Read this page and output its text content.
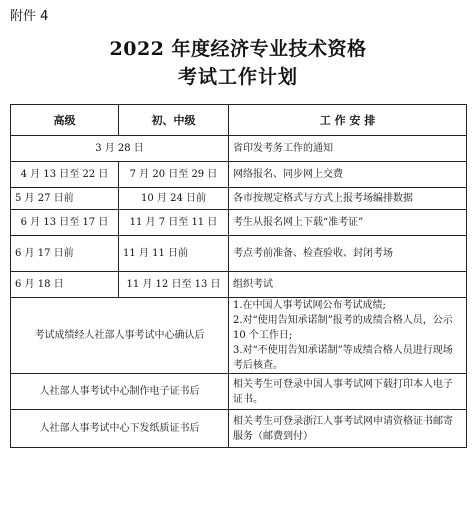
附件 4
2022 年度经济专业技术资格
考试工作计划
高级	初、中级	工 作 安 排
3 月 28 日		省印发考务工作的通知
4 月 13 日至 22 日	7 月 20 日至 29 日	网络报名、同步网上交费
5 月 27 日前	10 月 24 日前	各市按规定格式与方式上报考场编排数据
6 月 13 日至 17 日	11 月 7 日至 11 日	考生从报名网上下载“准考证”
6 月 17 日前	11 月 11 日前	考点考前准备、检查验收、封闭考场
6 月 18 日	11 月 12 日至 13 日	组织考试
考试成绩经人社部人事考试中心确认后		1.在中国人事考试网公布考试成绩;
2.对“使用告知承诺制”报考的成绩合格人员，公示 10 个工作日;
3.对“不使用告知承诺制”等成绩合格人员进行现场考后核查。

人社部人事考试中心制作电子证书后		相关考生可登录中国人事考试网下载打印本人电子证书。
人社部人事考试中心下发纸质证书后		相关考生可登录浙江人事考试网申请资格证书邮寄服务（邮费到付）
